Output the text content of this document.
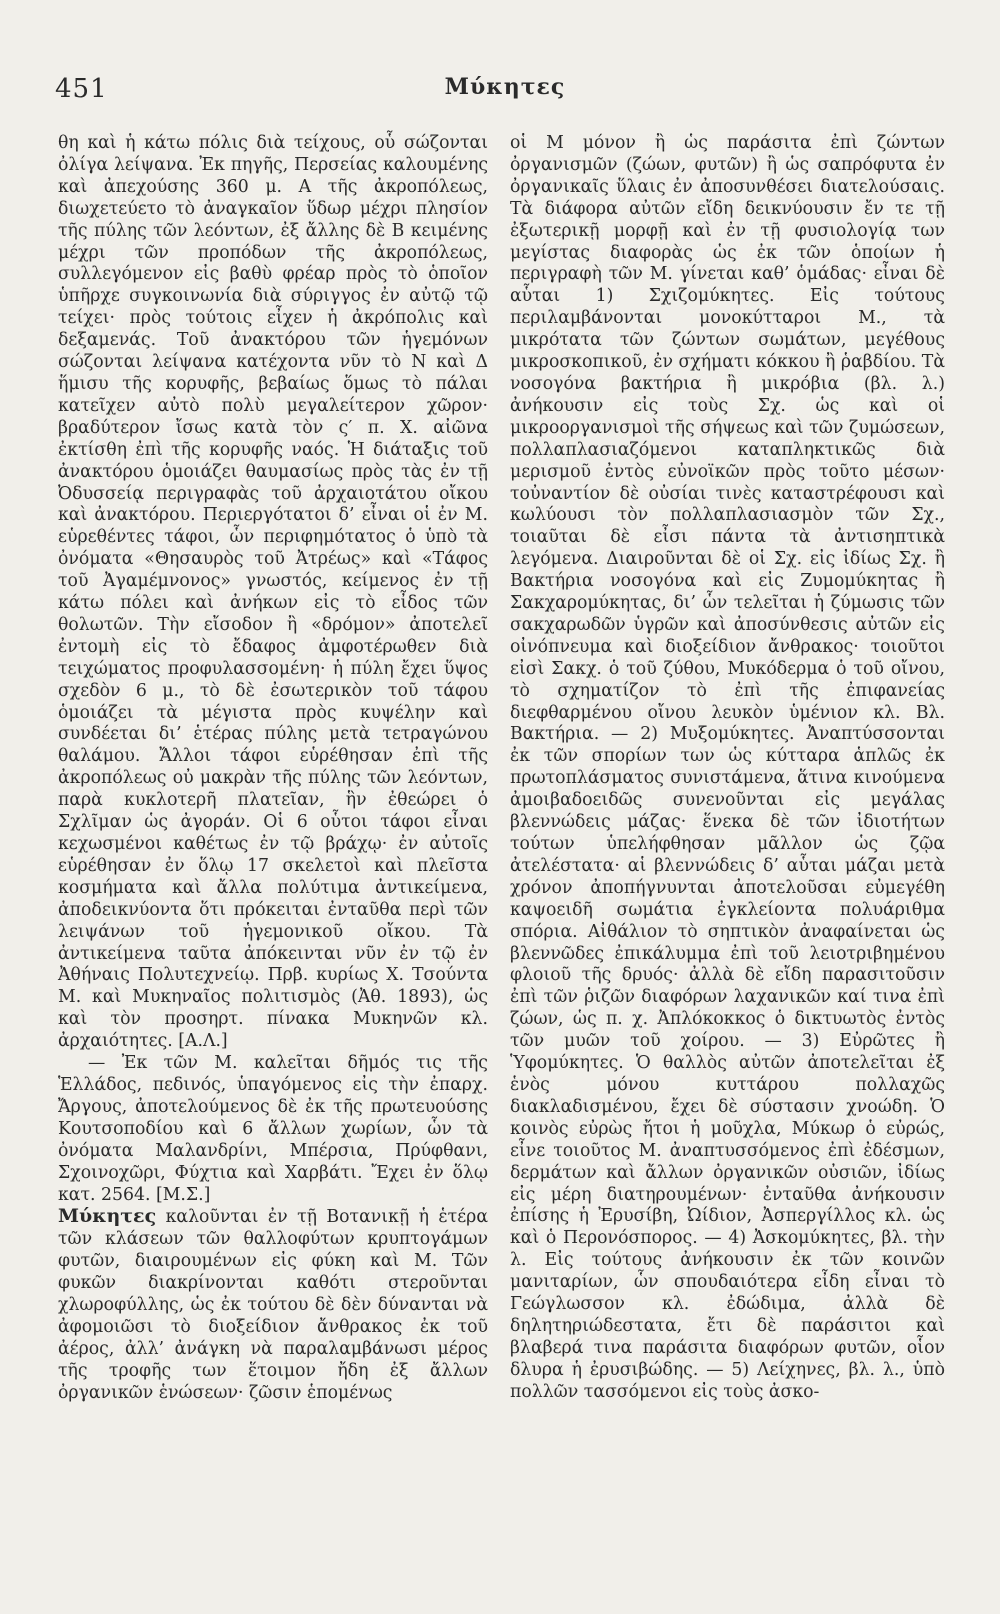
451	Μύκητες

θη καὶ ἡ κάτω πόλις διὰ τείχους, οὗ σώζονται ὀλίγα λείψανα. Ἐκ πηγῆς, Περσείας καλουμένης καὶ ἀπεχούσης 360 μ. Α τῆς ἀκροπόλεως, διωχετεύετο τὸ ἀναγκαῖον ὕδωρ μέχρι πλησίον τῆς πύλης τῶν λεόντων, ἐξ ἄλλης δὲ Β κειμένης μέχρι τῶν προπόδων τῆς ἀκροπόλεως, συλλεγόμενον εἰς βαθὺ φρέαρ πρὸς τὸ ὁποῖον ὑπῆρχε συγκοινωνία διὰ σύριγγος ἐν αὐτῷ τῷ τείχει· πρὸς τούτοις εἶχεν ἡ ἀκρόπολις καὶ δεξαμενάς. Τοῦ ἀνακτόρου τῶν ἡγεμόνων σώζονται λείψανα κατέχοντα νῦν τὸ Ν καὶ Δ ἥμισυ τῆς κορυφῆς, βεβαίως ὅμως τὸ πάλαι κατεῖχεν αὐτὸ πολὺ μεγαλείτερον χῶρον· βραδύτερον ἴσως κατὰ τὸν ς′ π. Χ. αἰῶνα ἐκτίσθη ἐπὶ τῆς κορυφῆς ναός. Ἡ διάταξις τοῦ ἀνακτόρου ὁμοιάζει θαυμασίως πρὸς τὰς ἐν τῇ Ὀδυσσείᾳ περιγραφὰς τοῦ ἀρχαιοτάτου οἴκου καὶ ἀνακτόρου. Περιεργότατοι δ’ εἶναι οἱ ἐν Μ. εὑρεθέντες τάφοι, ὧν περιφημότατος ὁ ὑπὸ τὰ ὀνόματα «Θησαυρὸς τοῦ Ἀτρέως» καὶ «Τάφος τοῦ Ἀγαμέμνονος» γνωστός, κείμενος ἐν τῇ κάτω πόλει καὶ ἀνήκων εἰς τὸ εἶδος τῶν θολωτῶν. Τὴν εἴσοδον ἢ «δρόμον» ἀποτελεῖ ἐντομὴ εἰς τὸ ἔδαφος ἀμφοτέρωθεν διὰ τειχώματος προφυλασσομένη· ἡ πύλη ἔχει ὕψος σχεδὸν 6 μ., τὸ δὲ ἐσωτερικὸν τοῦ τάφου ὁμοιάζει τὰ μέγιστα πρὸς κυψέλην καὶ συνδέεται δι’ ἑτέρας πύλης μετὰ τετραγώνου θαλάμου. Ἄλλοι τάφοι εὑρέθησαν ἐπὶ τῆς ἀκροπόλεως οὐ μακρὰν τῆς πύλης τῶν λεόντων, παρὰ κυκλοτερῆ πλατεῖαν, ἣν ἐθεώρει ὁ Σχλῖμαν ὡς ἀγοράν. Οἱ 6 οὗτοι τάφοι εἶναι κεχωσμένοι καθέτως ἐν τῷ βράχῳ· ἐν αὐτοῖς εὑρέθησαν ἐν ὅλῳ 17 σκελετοὶ καὶ πλεῖστα κοσμήματα καὶ ἄλλα πολύτιμα ἀντικείμενα, ἀποδεικνύοντα ὅτι πρόκειται ἐνταῦθα περὶ τῶν λειψάνων τοῦ ἡγεμονικοῦ οἴκου. Τὰ ἀντικείμενα ταῦτα ἀπόκεινται νῦν ἐν τῷ ἐν Ἀθήναις Πολυτεχνείῳ. Πρβ. κυρίως Χ. Τσούντα Μ. καὶ Μυκηναῖος πολιτισμὸς (Ἀθ. 1893), ὡς καὶ τὸν προσηρτ. πίνακα Μυκηνῶν κλ. ἀρχαιότητες. [Α.Λ.]

— Ἐκ τῶν Μ. καλεῖται δῆμός τις τῆς Ἑλλάδος, πεδινός, ὑπαγόμενος εἰς τὴν ἐπαρχ. Ἄργους, ἀποτελούμενος δὲ ἐκ τῆς πρωτευούσης Κουτσοποδίου καὶ 6 ἄλλων χωρίων, ὧν τὰ ὀνόματα Μαλανδρίνι, Μπέρσια, Πρύφθανι, Σχοινοχῶρι, Φύχτια καὶ Χαρβάτι. Ἔχει ἐν ὅλῳ κατ. 2564. [Μ.Σ.]

Μύκητες καλοῦνται ἐν τῇ Βοτανικῇ ἡ ἑτέρα τῶν κλάσεων τῶν θαλλοφύτων κρυπτογάμων φυτῶν, διαιρουμένων εἰς φύκη καὶ Μ. Τῶν φυκῶν διακρίνονται καθότι στεροῦνται χλωροφύλλης, ὡς ἐκ τούτου δὲ δὲν δύνανται νὰ ἀφομοιῶσι τὸ διοξείδιον ἄνθρακος ἐκ τοῦ ἀέρος, ἀλλ’ ἀνάγκη νὰ παραλαμβάνωσι μέρος τῆς τροφῆς των ἕτοιμον ἤδη ἐξ ἄλλων ὀργανικῶν ἑνώσεων· ζῶσιν ἑπομένως

οἱ Μ μόνον ἢ ὡς παράσιτα ἐπὶ ζώντων ὀργανισμῶν (ζώων, φυτῶν) ἢ ὡς σαπρόφυτα ἐν ὀργανικαῖς ὕλαις ἐν ἀποσυνθέσει διατελούσαις. Τὰ διάφορα αὐτῶν εἴδη δεικνύουσιν ἔν τε τῇ ἐξωτερικῇ μορφῇ καὶ ἐν τῇ φυσιολογίᾳ των μεγίστας διαφορὰς ὡς ἐκ τῶν ὁποίων ἡ περιγραφὴ τῶν Μ. γίνεται καθ’ ὁμάδας· εἶναι δὲ αὗται 1) Σχιζομύκητες. Εἰς τούτους περιλαμβάνονται μονοκύτταροι Μ., τὰ μικρότατα τῶν ζώντων σωμάτων, μεγέθους μικροσκοπικοῦ, ἐν σχήματι κόκκου ἢ ῥαβδίου. Τὰ νοσογόνα βακτήρια ἢ μικρόβια (βλ. λ.) ἀνήκουσιν εἰς τοὺς Σχ. ὡς καὶ οἱ μικροοργανισμοὶ τῆς σήψεως καὶ τῶν ζυμώσεων, πολλαπλασιαζόμενοι καταπληκτικῶς διὰ μερισμοῦ ἐντὸς εὐνοϊκῶν πρὸς τοῦτο μέσων· τοὐναντίον δὲ οὐσίαι τινὲς καταστρέφουσι καὶ κωλύουσι τὸν πολλαπλασιασμὸν τῶν Σχ., τοιαῦται δὲ εἶσι πάντα τὰ ἀντισηπτικὰ λεγόμενα. Διαιροῦνται δὲ οἱ Σχ. εἰς ἰδίως Σχ. ἢ Βακτήρια νοσογόνα καὶ εἰς Ζυμομύκητας ἢ Σακχαρομύκητας, δι’ ὧν τελεῖται ἡ ζύμωσις τῶν σακχαρωδῶν ὑγρῶν καὶ ἀποσύνθεσις αὐτῶν εἰς οἰνόπνευμα καὶ διοξείδιον ἄνθρακος· τοιοῦτοι εἰσὶ Σακχ. ὁ τοῦ ζύθου, Μυκόδερμα ὁ τοῦ οἴνου, τὸ σχηματίζον τὸ ἐπὶ τῆς ἐπιφανείας διεφθαρμένου οἴνου λευκὸν ὑμένιον κλ. Βλ. Βακτήρια. — 2) Μυξομύκητες. Ἀναπτύσσονται ἐκ τῶν σπορίων των ὡς κύτταρα ἁπλῶς ἐκ πρωτοπλάσματος συνιστάμενα, ἅτινα κινούμενα ἀμοιβαδοειδῶς συνενοῦνται εἰς μεγάλας βλεννώδεις μάζας· ἕνεκα δὲ τῶν ἰδιοτήτων τούτων ὑπελήφθησαν μᾶλλον ὡς ζῷα ἀτελέστατα· αἱ βλεννώδεις δ’ αὗται μάζαι μετὰ χρόνον ἀποπήγνυνται ἀποτελοῦσαι εὐμεγέθη καψοειδῆ σωμάτια ἐγκλείοντα πολυάριθμα σπόρια. Αἰθάλιον τὸ σηπτικὸν ἀναφαίνεται ὡς βλεννῶδες ἐπικάλυμμα ἐπὶ τοῦ λειοτριβημένου φλοιοῦ τῆς δρυός· ἀλλὰ δὲ εἴδη παρασιτοῦσιν ἐπὶ τῶν ῥιζῶν διαφόρων λαχανικῶν καί τινα ἐπὶ ζώων, ὡς π. χ. Ἀπλόκοκκος ὁ δικτυωτὸς ἐντὸς τῶν μυῶν τοῦ χοίρου. — 3) Εὐρῶτες ἢ Ὑφομύκητες. Ὁ θαλλὸς αὐτῶν ἀποτελεῖται ἐξ ἑνὸς μόνου κυττάρου πολλαχῶς διακλαδισμένου, ἔχει δὲ σύστασιν χνοώδη. Ὁ κοινὸς εὐρὼς ἤτοι ἡ μοῦχλα, Μύκωρ ὁ εὐρώς, εἶνε τοιοῦτος Μ. ἀναπτυσσόμενος ἐπὶ ἐδέσμων, δερμάτων καὶ ἄλλων ὀργανικῶν οὐσιῶν, ἰδίως εἰς μέρη διατηρουμένων· ἐνταῦθα ἀνήκουσιν ἐπίσης ἡ Ἐρυσίβη, Ὠίδιον, Ἀσπεργίλλος κλ. ὡς καὶ ὁ Περονόσπορος. — 4) Ἀσκομύκητες, βλ. τὴν λ. Εἰς τούτους ἀνήκουσιν ἐκ τῶν κοινῶν μανιταρίων, ὧν σπουδαιότερα εἶδη εἶναι τὸ Γεώγλωσσον κλ. ἐδώδιμα, ἀλλὰ δὲ δηλητηριώδεστατα, ἔτι δὲ παράσιτοι καὶ βλαβερά τινα παράσιτα διαφόρων φυτῶν, οἷον δλυρα ἡ ἐρυσιβώδης. — 5) Λείχηνες, βλ. λ., ὑπὸ πολλῶν τασσόμενοι εἰς τοὺς ἀσκο-
